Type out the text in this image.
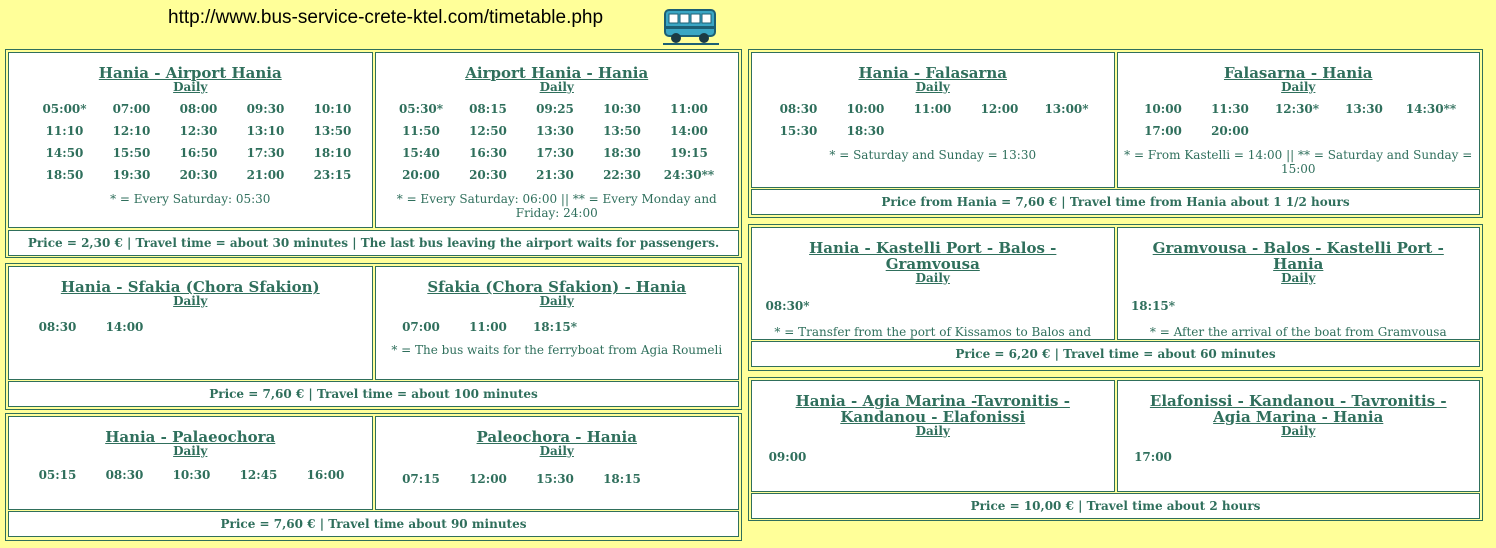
http://www.bus-service-crete-ktel.com/timetable.php
Hania - Airport Hania
Daily
05:00*	07:00	08:00	09:30	10:10
11:10	12:10	12:30	13:10	13:50
14:50	15:50	16:50	17:30	18:10
18:50	19:30	20:30	21:00	23:15
* = Every Saturday: 05:30
Airport Hania - Hania
Daily
05:30*	08:15	09:25	10:30	11:00
11:50	12:50	13:30	13:50	14:00
15:40	16:30	17:30	18:30	19:15
20:00	20:30	21:30	22:30	24:30**
* = Every Saturday: 06:00 || ** = Every Monday and Friday: 24:00
Price = 2,30 € | Travel time = about 30 minutes | The last bus leaving the airport waits for passengers.
Hania - Sfakia (Chora Sfakion)
Daily
08:30	14:00
Sfakia (Chora Sfakion) - Hania
Daily
07:00	11:00	18:15*
* = The bus waits for the ferryboat from Agia Roumeli
Price = 7,60 € | Travel time = about 100 minutes
Hania - Palaeochora
Daily
05:15	08:30	10:30	12:45	16:00
Paleochora - Hania
Daily
07:15	12:00	15:30	18:15
Price = 7,60 € | Travel time about 90 minutes
Hania - Falasarna
Daily
08:30	10:00	11:00	12:00	13:00*
15:30	18:30
* = Saturday and Sunday = 13:30
Falasarna - Hania
Daily
10:00	11:30	12:30*	13:30	14:30**
17:00	20:00
* = From Kastelli = 14:00 || ** = Saturday and Sunday = 15:00
Price from Hania = 7,60 € | Travel time from Hania about 1 1/2 hours
Hania - Kastelli Port - Balos - Gramvousa
Daily
08:30*
* = Transfer from the port of Kissamos to Balos and
Gramvousa - Balos - Kastelli Port - Hania
Daily
18:15*
* = After the arrival of the boat from Gramvousa
Price = 6,20 € | Travel time = about 60 minutes
Hania - Agia Marina -Tavronitis - Kandanou - Elafonissi
Daily
09:00
Elafonissi - Kandanou - Tavronitis - Agia Marina - Hania
Daily
17:00
Price = 10,00 € | Travel time about 2 hours
